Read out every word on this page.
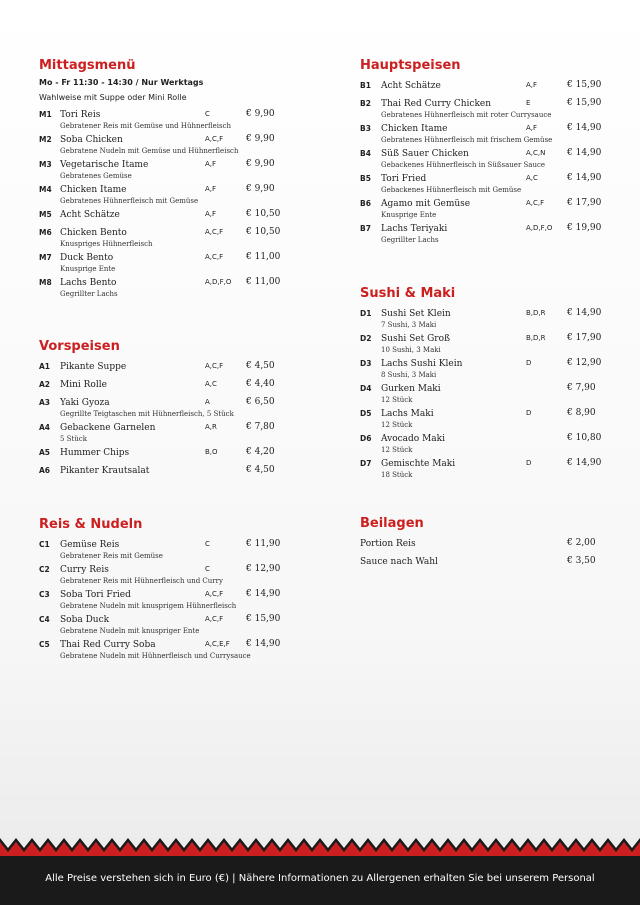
Mittagsmenü
Mo - Fr 11:30 - 14:30 / Nur Werktags
Wahlweise mit Suppe oder Mini Rolle
M1 Tori Reis
Gebratener Reis mit Gemüse und Hühnerfleisch
C	€ 9,90
M2 Soba Chicken
Gebratene Nudeln mit Gemüse und Hühnerfleisch
A,C,F	€ 9,90
M3 Vegetarische Itame
Gebratenes Gemüse
A,F	€ 9,90
M4 Chicken Itame
Gebratenes Hühnerfleisch mit Gemüse
A,F	€ 9,90
M5 Acht Schätze	A,F	€ 10,50
M6 Chicken Bento
Knuspriges Hühnerfleisch
A,C,F	€ 10,50
M7 Duck Bento
Knusprige Ente
A,C,F	€ 11,00
M8 Lachs Bento
Gegrillter Lachs
A,D,F,O € 11,00
Vorspeisen
A1 Pikante Suppe	A,C,F	€ 4,50
A2 Mini Rolle	A,C	€ 4,40
A3 Yaki Gyoza
Gegrillte Teigtaschen mit Hühnerfleisch, 5 Stück
A	€ 6,50
A4 Gebackene Garnelen
5 Stück
A,R	€ 7,80
A5 Hummer Chips	B,O	€ 4,20
A6 Pikanter Krautsalat	€ 4,50
Reis & Nudeln
C1 Gemüse Reis
Gebratener Reis mit Gemüse
C	€ 11,90
C2 Curry Reis
Gebratener Reis mit Hühnerfleisch und Curry
C	€ 12,90
C3 Soba Tori Fried
Gebratene Nudeln mit knusprigem Hühnerfleisch
A,C,F	€ 14,90
C4 Soba Duck
Gebratene Nudeln mit knuspriger Ente
A,C,F	€ 15,90
C5 Thai Red Curry Soba
Gebratene Nudeln mit Hühnerfleisch und Currysauce
A,C,E,F € 14,90
Hauptspeisen
B1 Acht Schätze	A,F	€ 15,90
B2 Thai Red Curry Chicken
Gebratenes Hühnerfleisch mit roter Currysauce
E	€ 15,90
B3 Chicken Itame
Gebratenes Hühnerfleisch mit frischem Gemüse
A,F	€ 14,90
B4 Süß Sauer Chicken
Gebackenes Hühnerfleisch in Süßsauer Sauce
A,C,N € 14,90
B5 Tori Fried
Gebackenes Hühnerfleisch mit Gemüse
A,C	€ 14,90
B6 Agamo mit Gemüse
Knusprige Ente
A,C,F	€ 17,90
B7 Lachs Teriyaki
Gegrillter Lachs
A,D,F,O € 19,90
Sushi & Maki
D1 Sushi Set Klein
7 Sushi, 3 Maki
B,D,R € 14,90
D2 Sushi Set Groß
10 Sushi, 3 Maki
B,D,R € 17,90
D3 Lachs Sushi Klein
8 Sushi, 3 Maki
D	€ 12,90
D4 Gurken Maki
12 Stück
€ 7,90
D5 Lachs Maki
12 Stück
D	€ 8,90
D6 Avocado Maki
12 Stück
€ 10,80
D7 Gemischte Maki
18 Stück
D	€ 14,90
Beilagen
Portion Reis	€ 2,00
Sauce nach Wahl	€ 3,50
Alle Preise verstehen sich in Euro (€) | Nähere Informationen zu Allergenen erhalten Sie bei unserem Personal
